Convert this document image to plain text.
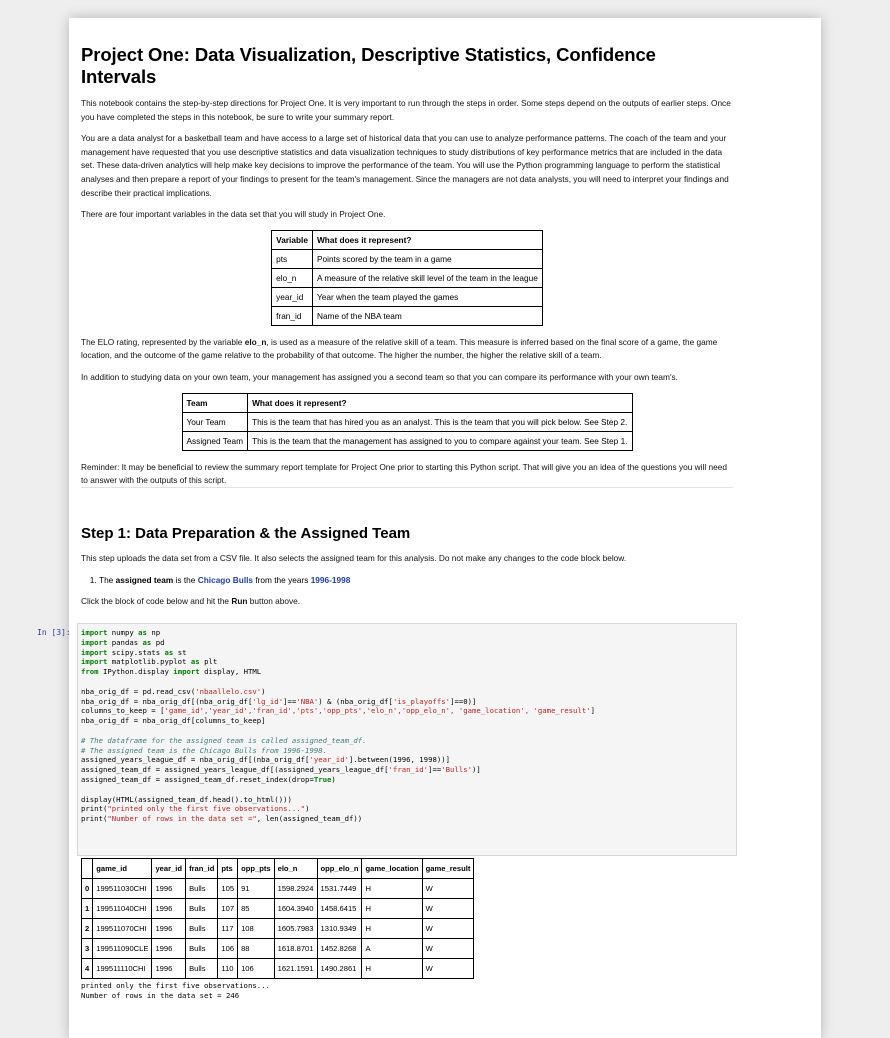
Project One: Data Visualization, Descriptive Statistics, Confidence Intervals

This notebook contains the step-by-step directions for Project One. It is very important to run through the steps in order. Some steps depend on the outputs of earlier steps. Once you have completed the steps in this notebook, be sure to write your summary report.

You are a data analyst for a basketball team and have access to a large set of historical data that you can use to analyze performance patterns. The coach of the team and your management have requested that you use descriptive statistics and data visualization techniques to study distributions of key performance metrics that are included in the data set. These data-driven analytics will help make key decisions to improve the performance of the team. You will use the Python programming language to perform the statistical analyses and then prepare a report of your findings to present for the team's management. Since the managers are not data analysts, you will need to interpret your findings and describe their practical implications.

There are four important variables in the data set that you will study in Project One.

Variable	What does it represent?
pts	Points scored by the team in a game
elo_n	A measure of the relative skill level of the team in the league
year_id	Year when the team played the games
fran_id	Name of the NBA team

The ELO rating, represented by the variable elo_n, is used as a measure of the relative skill of a team. This measure is inferred based on the final score of a game, the game location, and the outcome of the game relative to the probability of that outcome. The higher the number, the higher the relative skill of a team.

In addition to studying data on your own team, your management has assigned you a second team so that you can compare its performance with your own team's.

Team	What does it represent?
Your Team	This is the team that has hired you as an analyst. This is the team that you will pick below. See Step 2.
Assigned Team	This is the team that the management has assigned to you to compare against your team. See Step 1.

Reminder: It may be beneficial to review the summary report template for Project One prior to starting this Python script. That will give you an idea of the questions you will need to answer with the outputs of this script.

Step 1: Data Preparation & the Assigned Team

This step uploads the data set from a CSV file. It also selects the assigned team for this analysis. Do not make any changes to the code block below.

1. The assigned team is the Chicago Bulls from the years 1996-1998

Click the block of code below and hit the Run button above.

In [3]: import numpy as np
import pandas as pd
import scipy.stats as st
import matplotlib.pyplot as plt
from IPython.display import display, HTML
nba_orig_df = pd.read_csv('nbaallelo.csv')
nba_orig_df = nba_orig_df[(nba_orig_df['lg_id']=='NBA') & (nba_orig_df['is_playoffs']==0)]
columns_to_keep = ['game_id','year_id','fran_id','pts','opp_pts','elo_n','opp_elo_n', 'game_location', 'game_result']
nba_orig_df = nba_orig_df[columns_to_keep]
# The dataframe for the assigned team is called assigned_team_df.
# The assigned team is the Chicago Bulls from 1996-1998.
assigned_years_league_df = nba_orig_df[(nba_orig_df['year_id'].between(1996, 1998))]
assigned_team_df = assigned_years_league_df[(assigned_years_league_df['fran_id']=='Bulls')]
assigned_team_df = assigned_team_df.reset_index(drop=True)
display(HTML(assigned_team_df.head().to_html()))
print("printed only the first five observations...")
print("Number of rows in the data set =", len(assigned_team_df))
	game_id	year_id	fran_id	pts	opp_pts	elo_n	opp_elo_n	game_location	game_result
0	199511030CHI	1996	Bulls	105	91	1598.2924	1531.7449	H	W
1	199511040CHI	1996	Bulls	107	85	1604.3940	1458.6415	H	W
2	199511070CHI	1996	Bulls	117	108	1605.7983	1310.9349	H	W
3	199511090CLE	1996	Bulls	106	88	1618.8701	1452.8268	A	W
4	199511110CHI	1996	Bulls	110	106	1621.1591	1490.2861	H	W
printed only the first five observations...
Number of rows in the data set = 246
